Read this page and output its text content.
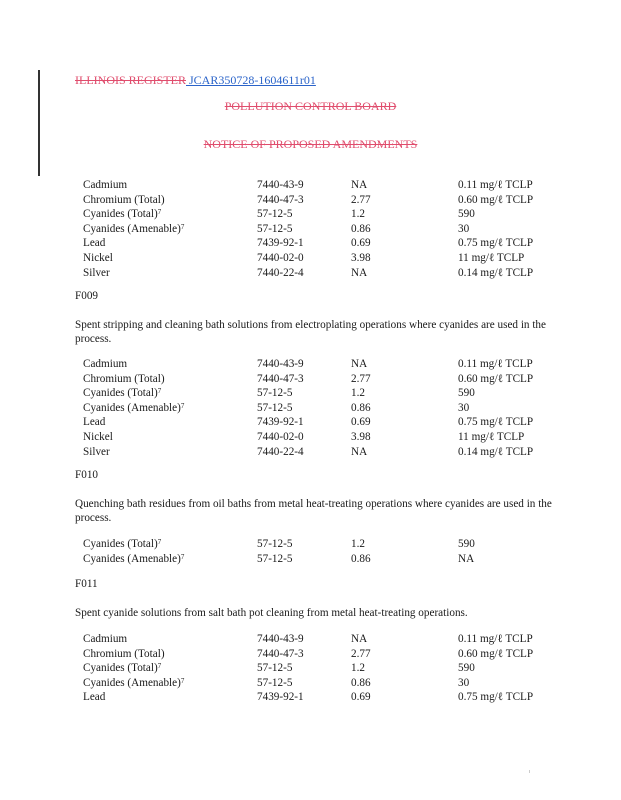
ILLINOIS REGISTER JCAR350728-1604611r01
POLLUTION CONTROL BOARD
NOTICE OF PROPOSED AMENDMENTS
Cadmium	7440-43-9	NA	0.11 mg/ℓ TCLP
Chromium (Total)	7440-47-3	2.77	0.60 mg/ℓ TCLP
Cyanides (Total)$^7$	57-12-5	1.2	590
Cyanides (Amenable)$^7$	57-12-5	0.86	30
Lead	7439-92-1	0.69	0.75 mg/ℓ TCLP
Nickel	7440-02-0	3.98	11 mg/ℓ TCLP
Silver	7440-22-4	NA	0.14 mg/ℓ TCLP
F009
Spent stripping and cleaning bath solutions from electroplating operations where cyanides are used in the process.
Cadmium	7440-43-9	NA	0.11 mg/ℓ TCLP
Chromium (Total)	7440-47-3	2.77	0.60 mg/ℓ TCLP
Cyanides (Total)$^7$	57-12-5	1.2	590
Cyanides (Amenable)$^7$	57-12-5	0.86	30
Lead	7439-92-1	0.69	0.75 mg/ℓ TCLP
Nickel	7440-02-0	3.98	11 mg/ℓ TCLP
Silver	7440-22-4	NA	0.14 mg/ℓ TCLP
F010
Quenching bath residues from oil baths from metal heat-treating operations where cyanides are used in the process.
Cyanides (Total)$^7$	57-12-5	1.2	590
Cyanides (Amenable)$^7$	57-12-5	0.86	NA
F011
Spent cyanide solutions from salt bath pot cleaning from metal heat-treating operations.
Cadmium	7440-43-9	NA	0.11 mg/ℓ TCLP
Chromium (Total)	7440-47-3	2.77	0.60 mg/ℓ TCLP
Cyanides (Total)$^7$	57-12-5	1.2	590
Cyanides (Amenable)$^7$	57-12-5	0.86	30
Lead	7439-92-1	0.69	0.75 mg/ℓ TCLP
